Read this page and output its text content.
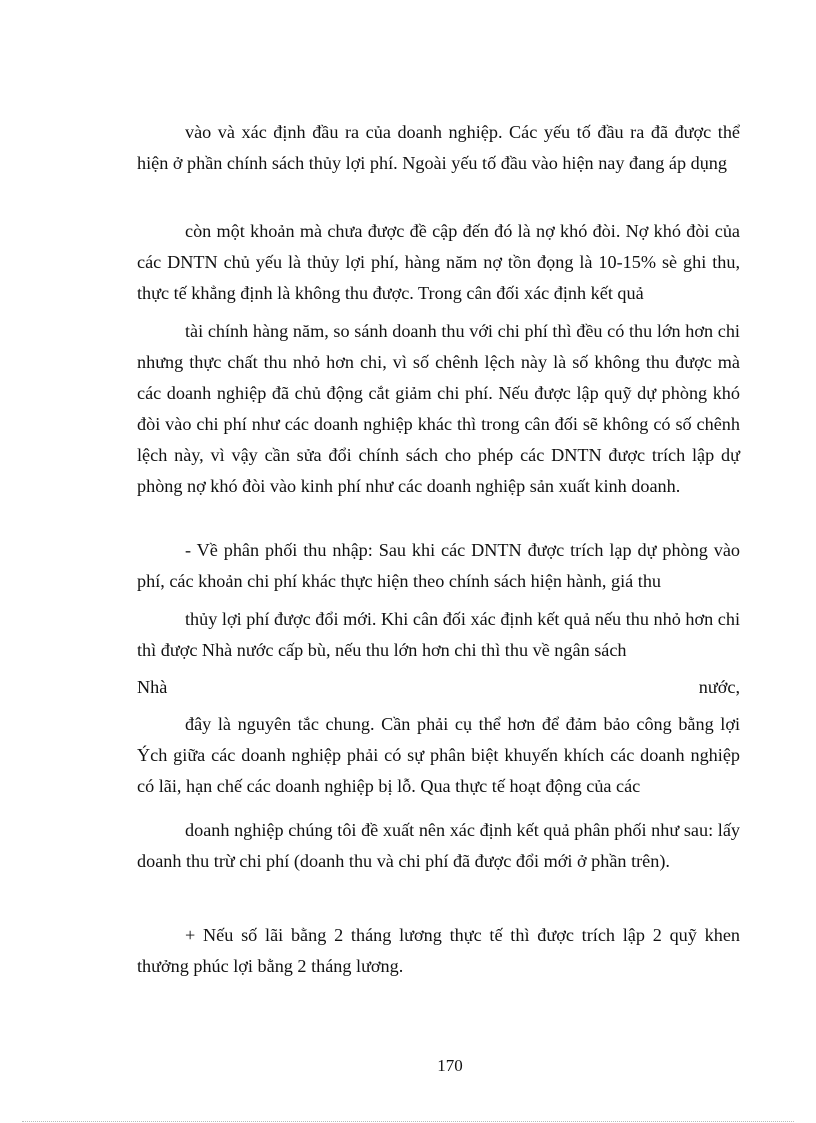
vào và xác định đầu ra của doanh nghiệp. Các yếu tố đầu ra đã được thể hiện ở phần chính sách thủy lợi phí. Ngoài yếu tố đầu vào hiện nay đang áp dụng

còn một khoản mà chưa được đề cập đến đó là nợ khó đòi. Nợ khó đòi của các DNTN chủ yếu là thủy lợi phí, hàng năm nợ tồn đọng là 10-15% sè ghi thu, thực tế khẳng định là không thu được. Trong cân đối xác định kết quả

tài chính hàng năm, so sánh doanh thu với chi phí thì đều có thu lớn hơn chi nhưng thực chất thu nhỏ hơn chi, vì số chênh lệch này là số không thu được mà các doanh nghiệp đã chủ động cắt giảm chi phí. Nếu được lập quỹ dự phòng khó đòi vào chi phí như các doanh nghiệp khác thì trong cân đối sẽ không có số chênh lệch này, vì vậy cần sửa đổi chính sách cho phép các DNTN được trích lập dự phòng nợ khó đòi vào kinh phí như các doanh nghiệp sản xuất kinh doanh.

- Về phân phối thu nhập: Sau khi các DNTN được trích lạp dự phòng vào phí, các khoản chi phí khác thực hiện theo chính sách hiện hành, giá thu

thủy lợi phí được đổi mới. Khi cân đối xác định kết quả nếu thu nhỏ hơn chi thì được Nhà nước cấp bù, nếu thu lớn hơn chi thì thu về ngân sách

Nhà	nước,

đây là nguyên tắc chung. Cần phải cụ thể hơn để đảm bảo công bằng lợi Ých giữa các doanh nghiệp phải có sự phân biệt khuyến khích các doanh nghiệp có lãi, hạn chế các doanh nghiệp bị lỗ. Qua thực tế hoạt động của các

doanh nghiệp chúng tôi đề xuất nên xác định kết quả phân phối như sau: lấy doanh thu trừ chi phí (doanh thu và chi phí đã được đổi mới ở phần trên).

+ Nếu số lãi bằng 2 tháng lương thực tế thì được trích lập 2 quỹ khen thưởng phúc lợi bằng 2 tháng lương.

170
